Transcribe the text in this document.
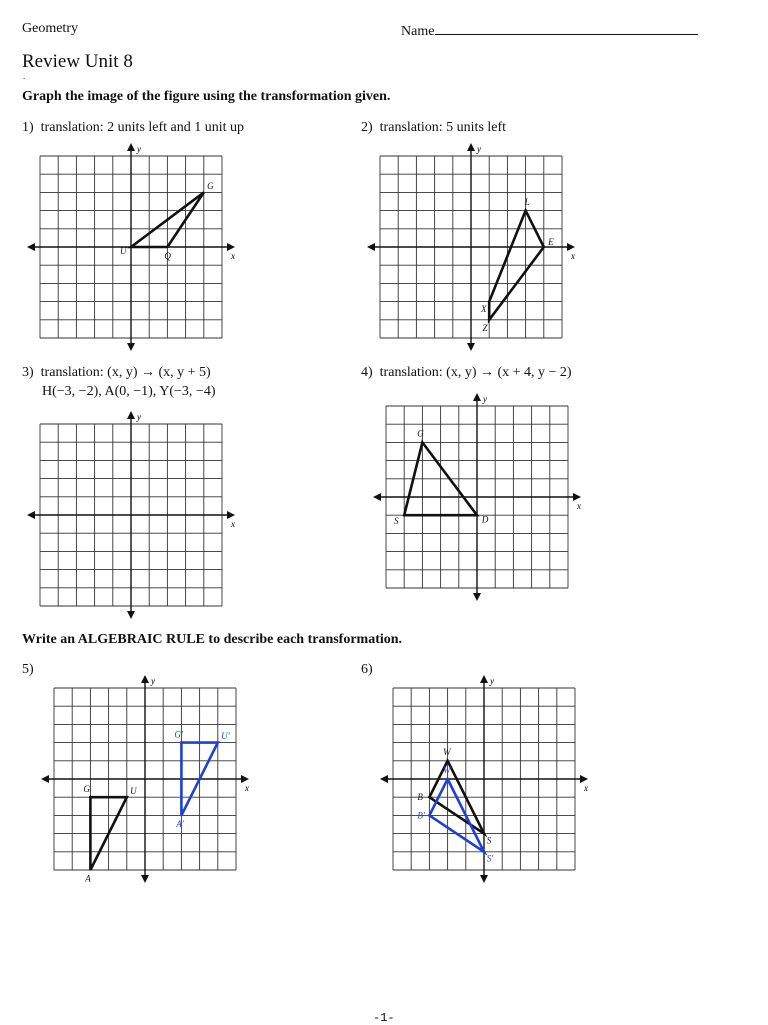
Geometry	Name
Review Unit 8
.
Graph the image of the figure using the transformation given.
1) translation: 2 units left and 1 unit up
x
y
U
G
Q
2) translation: 5 units left
x
y
L
E
Z
X
3) translation: (x, y) → (x, y + 5)
H(−3, −2), A(0, −1), Y(−3, −4)
x
y
4) translation: (x, y) → (x + 4, y − 2)
x
y
G
D
S
Write an ALGEBRAIC RULE to describe each transformation.
5)
x
y
G	U
A
G'	U'
A'
6)
x
y
W
S
B
W'
S'
B'
-1-
